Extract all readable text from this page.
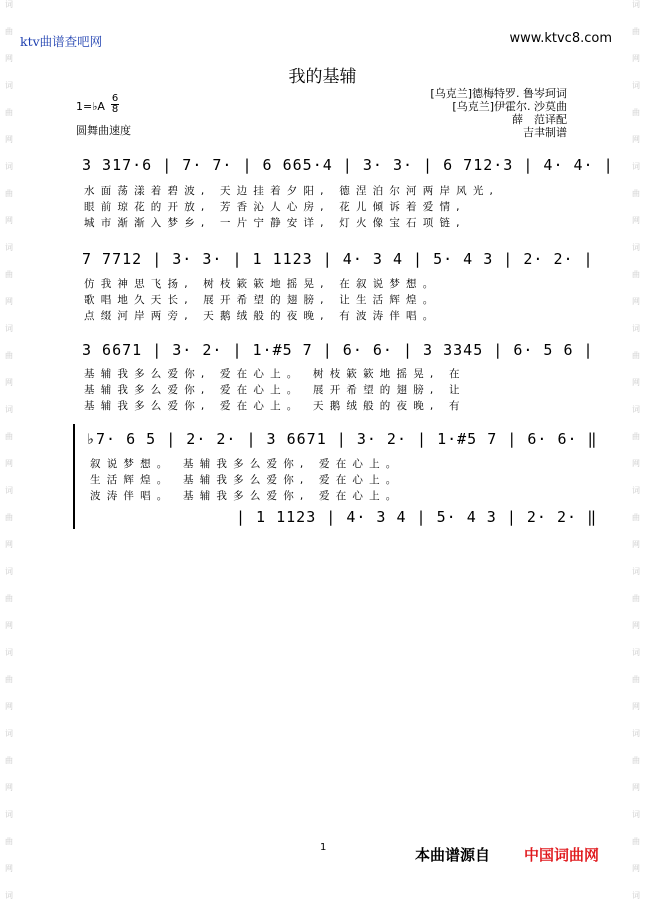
词
曲
网
词
曲
网
词
曲
网
词
曲
网
词
曲
网
词
曲
网
词
曲
网
词
曲
网
词
曲
网
词
曲
网
词
曲
网
词
词
曲
网
词
曲
网
词
曲
网
词
曲
网
词
曲
网
词
曲
网
词
曲
网
词
曲
网
词
曲
网
词
曲
网
词
曲
网
词
ktv曲谱查吧网	www.ktvc8.com
我的基辅
[乌克兰]德梅特罗. 鲁岑珂词
[乌克兰]伊霍尔. 沙莫曲
薛　范译配
吉聿制谱
1=♭A
6
8
圆舞曲速度
3 317·6 | 7· 7· | 6 665·4 | 3· 3· | 6 712·3 | 4· 4· |
水面荡漾着碧波, 天边挂着夕阳, 德涅泊尔河两岸风光,
眼前琼花的开放, 芳香沁人心房, 花儿倾诉着爱情,
城市渐渐入梦乡, 一片宁静安详, 灯火像宝石项链,
7 7712 | 3· 3· | 1 1123 | 4· 3 4 | 5· 4 3 | 2· 2· |
仿我神思飞扬, 树枝簌簌地摇晃, 在叙说梦想。
歌唱地久天长, 展开希望的翅膀, 让生活辉煌。
点缀河岸两旁, 天鹅绒般的夜晚, 有波涛伴唱。
3 6671 | 3· 2· | 1·#5 7 | 6· 6· | 3 3345 | 6· 5 6 |
基辅我多么爱你, 爱在心上。 树枝簌簌地摇晃, 在
基辅我多么爱你, 爱在心上。 展开希望的翅膀, 让
基辅我多么爱你, 爱在心上。 天鹅绒般的夜晚, 有
♭7· 6 5 | 2· 2· | 3 6671 | 3· 2· | 1·#5 7 | 6· 6· ‖
叙说梦想。 基辅我多么爱你, 爱在心上。
生活辉煌。 基辅我多么爱你, 爱在心上。
波涛伴唱。 基辅我多么爱你, 爱在心上。
| 1 1123 | 4· 3 4 | 5· 4 3 | 2· 2· ‖
1	本曲谱源自 中国词曲网
